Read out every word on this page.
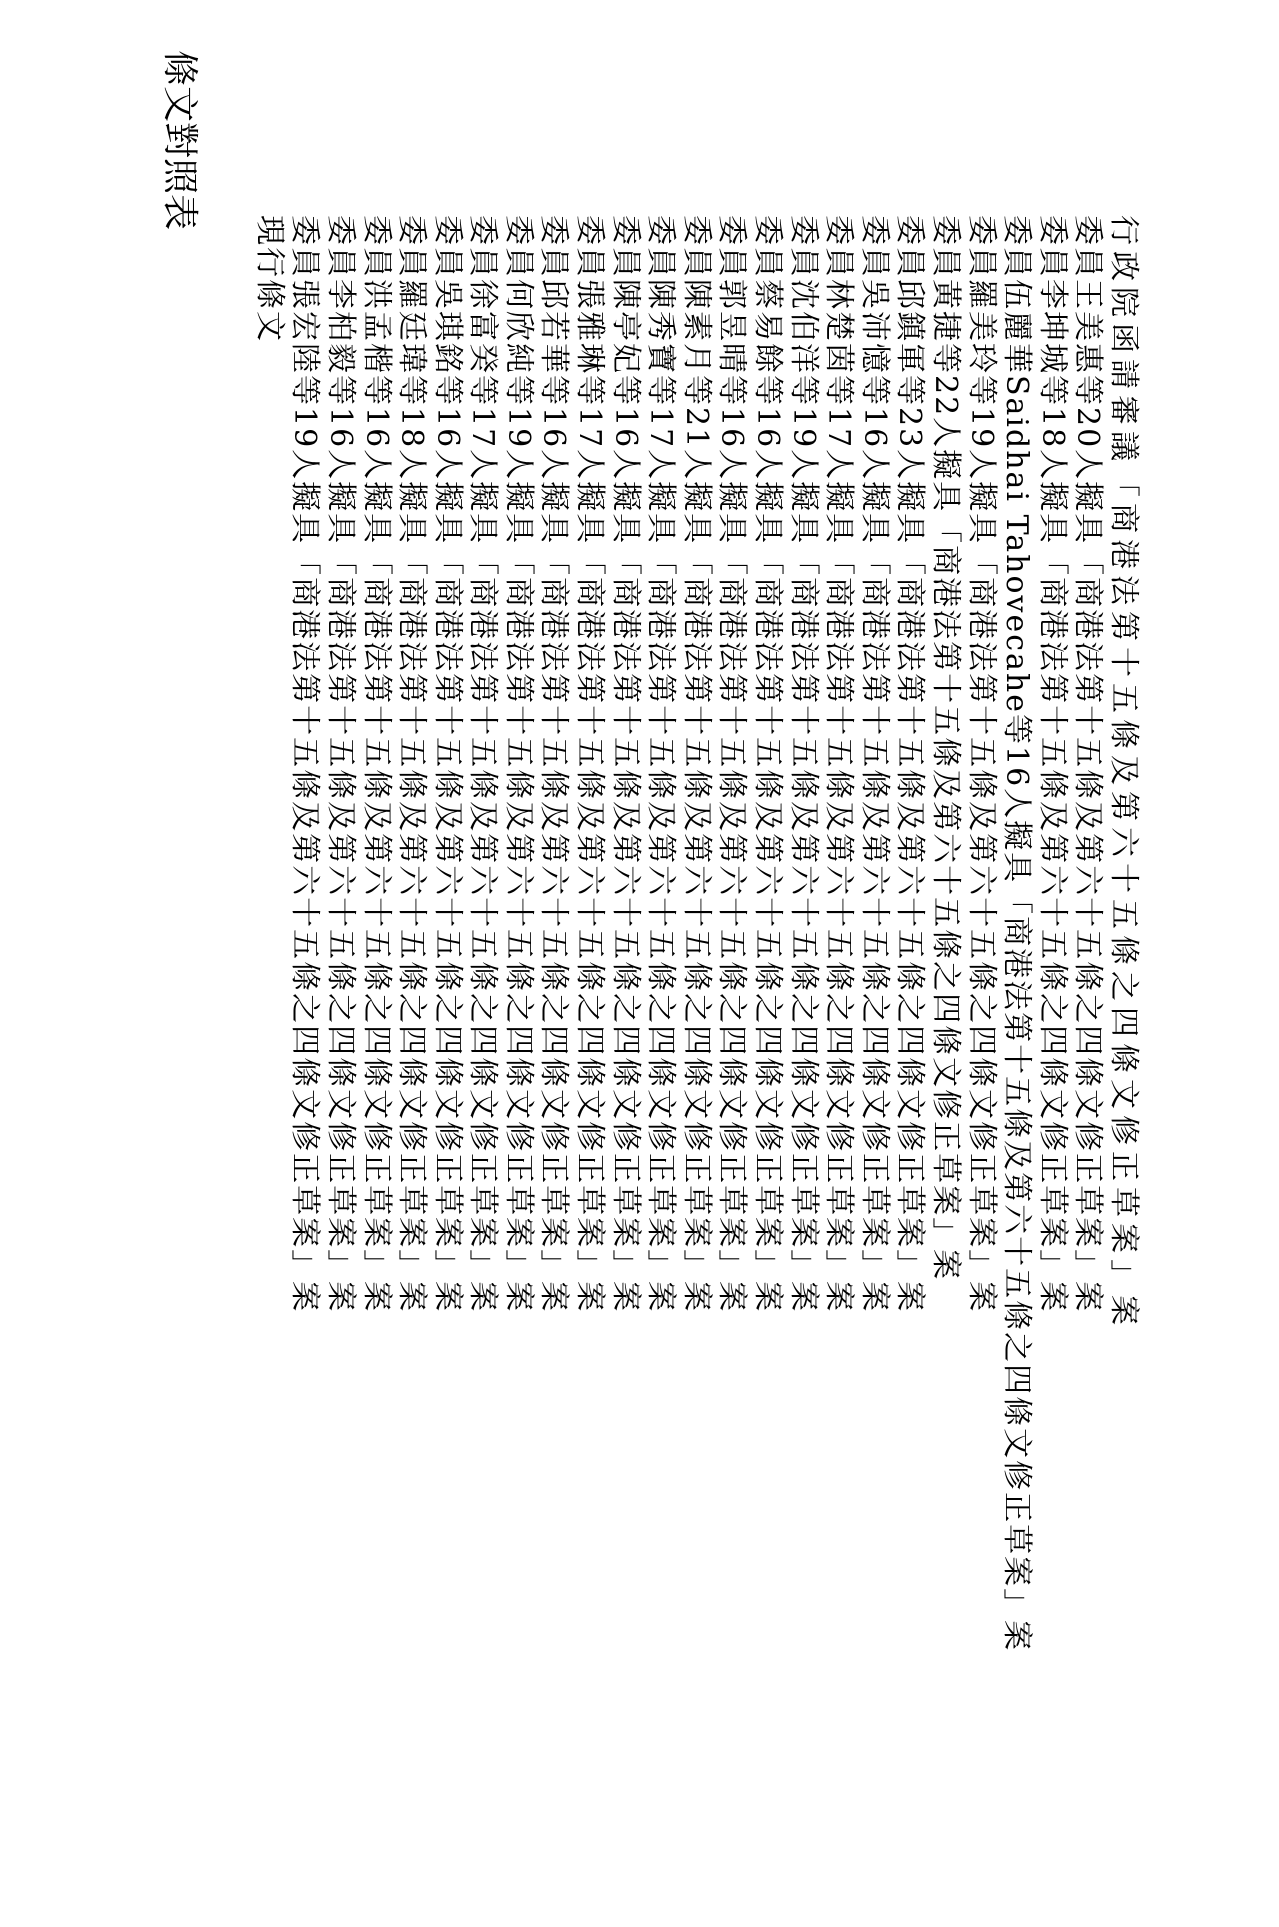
條文對照表
行政院函請審議「商港法第十五條及第六十五條之四條文修正草案」案
委員王美惠等20人擬具「商港法第十五條及第六十五條之四條文修正草案」案
委員李坤城等18人擬具「商港法第十五條及第六十五條之四條文修正草案」案
委員伍麗華Saidhai Tahovecahe等16人擬具「商港法第十五條及第六十五條之四條文修正草案」案
委員羅美玲等19人擬具「商港法第十五條及第六十五條之四條文修正草案」案
委員黃捷等22人擬具「商港法第十五條及第六十五條之四條文修正草案」案
委員邱鎮軍等23人擬具「商港法第十五條及第六十五條之四條文修正草案」案
委員吳沛憶等16人擬具「商港法第十五條及第六十五條之四條文修正草案」案
委員林楚茵等17人擬具「商港法第十五條及第六十五條之四條文修正草案」案
委員沈伯洋等19人擬具「商港法第十五條及第六十五條之四條文修正草案」案
委員蔡易餘等16人擬具「商港法第十五條及第六十五條之四條文修正草案」案
委員郭昱晴等16人擬具「商港法第十五條及第六十五條之四條文修正草案」案
委員陳素月等21人擬具「商港法第十五條及第六十五條之四條文修正草案」案
委員陳秀寶等17人擬具「商港法第十五條及第六十五條之四條文修正草案」案
委員陳亭妃等16人擬具「商港法第十五條及第六十五條之四條文修正草案」案
委員張雅琳等17人擬具「商港法第十五條及第六十五條之四條文修正草案」案
委員邱若華等16人擬具「商港法第十五條及第六十五條之四條文修正草案」案
委員何欣純等19人擬具「商港法第十五條及第六十五條之四條文修正草案」案
委員徐富癸等17人擬具「商港法第十五條及第六十五條之四條文修正草案」案
委員吳琪銘等16人擬具「商港法第十五條及第六十五條之四條文修正草案」案
委員羅廷瑋等18人擬具「商港法第十五條及第六十五條之四條文修正草案」案
委員洪孟楷等16人擬具「商港法第十五條及第六十五條之四條文修正草案」案
委員李柏毅等16人擬具「商港法第十五條及第六十五條之四條文修正草案」案
委員張宏陸等19人擬具「商港法第十五條及第六十五條之四條文修正草案」案
現行條文
